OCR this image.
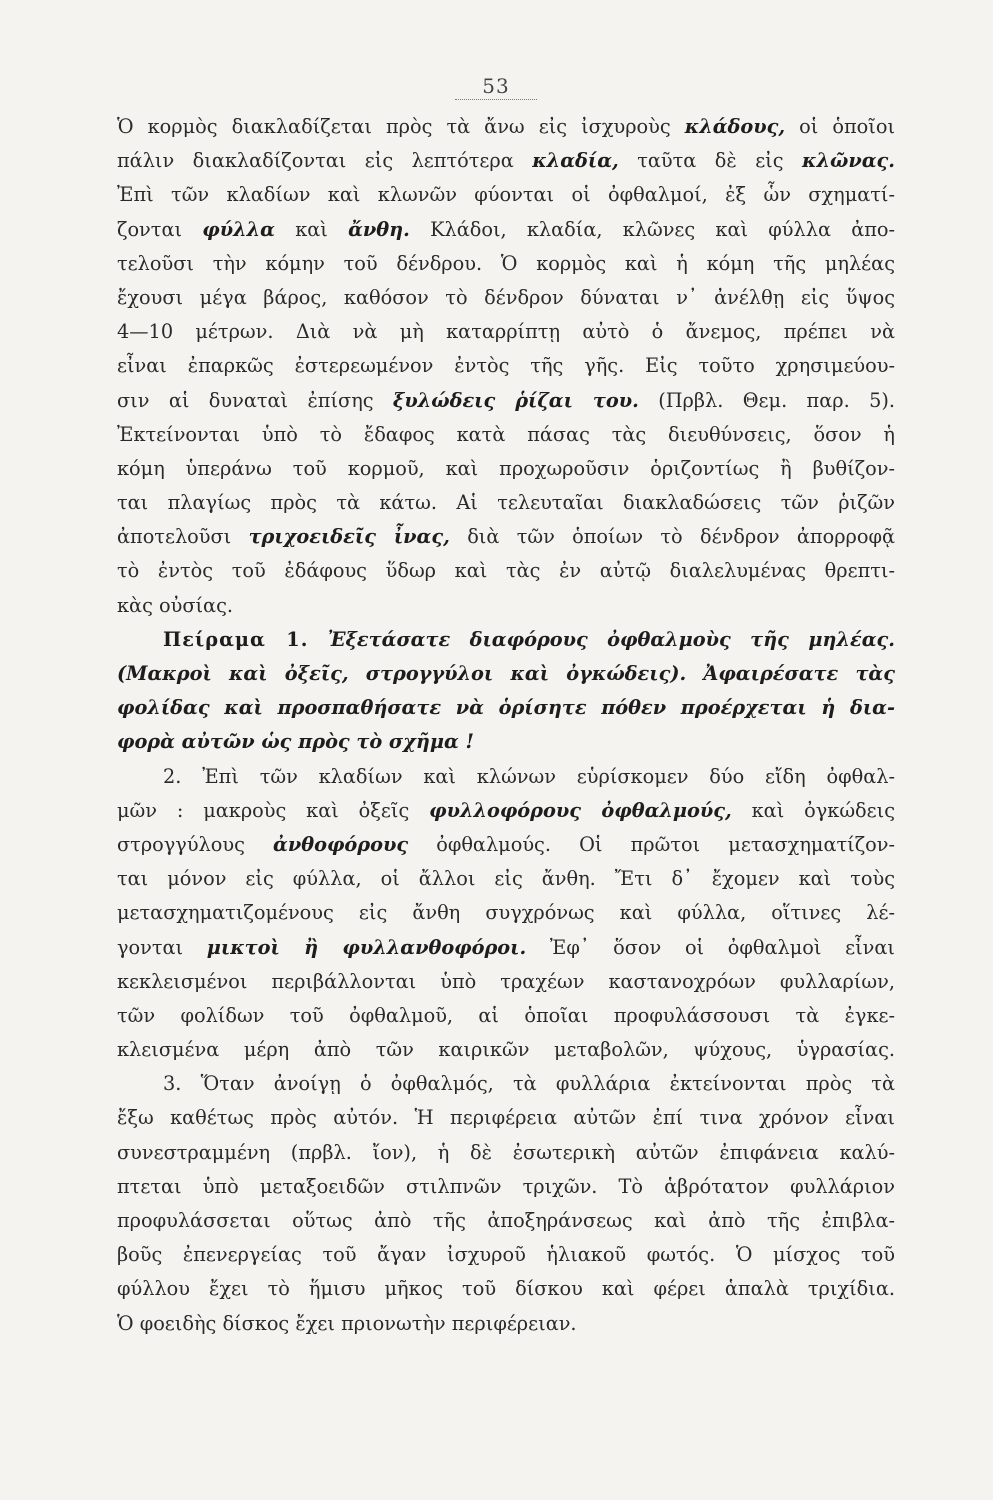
53
Ὁ κορμὸς διακλαδίζεται πρὸς τὰ ἄνω εἰς ἰσχυροὺς κλάδους, οἱ ὁποῖοι
πάλιν διακλαδίζονται εἰς λεπτότερα κλαδία, ταῦτα δὲ εἰς κλῶνας.
Ἐπὶ τῶν κλαδίων καὶ κλωνῶν φύονται οἱ ὀφθαλμοί, ἐξ ὧν σχηματί-
ζονται φύλλα καὶ ἄνθη. Κλάδοι, κλαδία, κλῶνες καὶ φύλλα ἀπο-
τελοῦσι τὴν κόμην τοῦ δένδρου. Ὁ κορμὸς καὶ ἡ κόμη τῆς μηλέας
ἔχουσι μέγα βάρος, καθόσον τὸ δένδρον δύναται ν᾽ ἀνέλθῃ εἰς ὕψος
4—10 μέτρων. Διὰ νὰ μὴ καταρρίπτῃ αὐτὸ ὁ ἄνεμος, πρέπει νὰ
εἶναι ἐπαρκῶς ἐστερεωμένον ἐντὸς τῆς γῆς. Εἰς τοῦτο χρησιμεύου-
σιν αἱ δυναταὶ ἐπίσης ξυλώδεις ῥίζαι του. (Πρβλ. Θεμ. παρ. 5).
Ἐκτείνονται ὑπὸ τὸ ἔδαφος κατὰ πάσας τὰς διευθύνσεις, ὅσον ἡ
κόμη ὑπεράνω τοῦ κορμοῦ, καὶ προχωροῦσιν ὁριζοντίως ἢ βυθίζον-
ται πλαγίως πρὸς τὰ κάτω. Αἱ τελευταῖαι διακλαδώσεις τῶν ῥιζῶν
ἀποτελοῦσι τριχοειδεῖς ἶνας, διὰ τῶν ὁποίων τὸ δένδρον ἀπορροφᾷ
τὸ ἐντὸς τοῦ ἐδάφους ὕδωρ καὶ τὰς ἐν αὐτῷ διαλελυμένας θρεπτι-
κὰς οὐσίας.
Πείραμα 1. Ἐξετάσατε διαφόρους ὀφθαλμοὺς τῆς μηλέας.
(Μακροὶ καὶ ὀξεῖς, στρογγύλοι καὶ ὀγκώδεις). Ἀφαιρέσατε τὰς
φολίδας καὶ προσπαθήσατε νὰ ὁρίσητε πόθεν προέρχεται ἡ δια-
φορὰ αὐτῶν ὡς πρὸς τὸ σχῆμα !
2. Ἐπὶ τῶν κλαδίων καὶ κλώνων εὑρίσκομεν δύο εἴδη ὀφθαλ-
μῶν : μακροὺς καὶ ὀξεῖς φυλλοφόρους ὀφθαλμούς, καὶ ὀγκώδεις
στρογγύλους ἀνθοφόρους ὀφθαλμούς. Οἱ πρῶτοι μετασχηματίζον-
ται μόνον εἰς φύλλα, οἱ ἄλλοι εἰς ἄνθη. Ἔτι δ᾽ ἔχομεν καὶ τοὺς
μετασχηματιζομένους εἰς ἄνθη συγχρόνως καὶ φύλλα, οἵτινες λέ-
γονται μικτοὶ ἢ φυλλανθοφόροι. Ἐφ᾽ ὅσον οἱ ὀφθαλμοὶ εἶναι
κεκλεισμένοι περιβάλλονται ὑπὸ τραχέων καστανοχρόων φυλλαρίων,
τῶν φολίδων τοῦ ὀφθαλμοῦ, αἱ ὁποῖαι προφυλάσσουσι τὰ ἐγκε-
κλεισμένα μέρη ἀπὸ τῶν καιρικῶν μεταβολῶν, ψύχους, ὑγρασίας.
3. Ὅταν ἀνοίγῃ ὁ ὀφθαλμός, τὰ φυλλάρια ἐκτείνονται πρὸς τὰ
ἔξω καθέτως πρὸς αὐτόν. Ἡ περιφέρεια αὐτῶν ἐπί τινα χρόνον εἶναι
συνεστραμμένη (πρβλ. ἴον), ἡ δὲ ἐσωτερικὴ αὐτῶν ἐπιφάνεια καλύ-
πτεται ὑπὸ μεταξοειδῶν στιλπνῶν τριχῶν. Τὸ ἁβρότατον φυλλάριον
προφυλάσσεται οὕτως ἀπὸ τῆς ἀποξηράνσεως καὶ ἀπὸ τῆς ἐπιβλα-
βοῦς ἐπενεργείας τοῦ ἄγαν ἰσχυροῦ ἡλιακοῦ φωτός. Ὁ μίσχος τοῦ
φύλλου ἔχει τὸ ἥμισυ μῆκος τοῦ δίσκου καὶ φέρει ἁπαλὰ τριχίδια.
Ὁ φοειδὴς δίσκος ἔχει πριονωτὴν περιφέρειαν.
